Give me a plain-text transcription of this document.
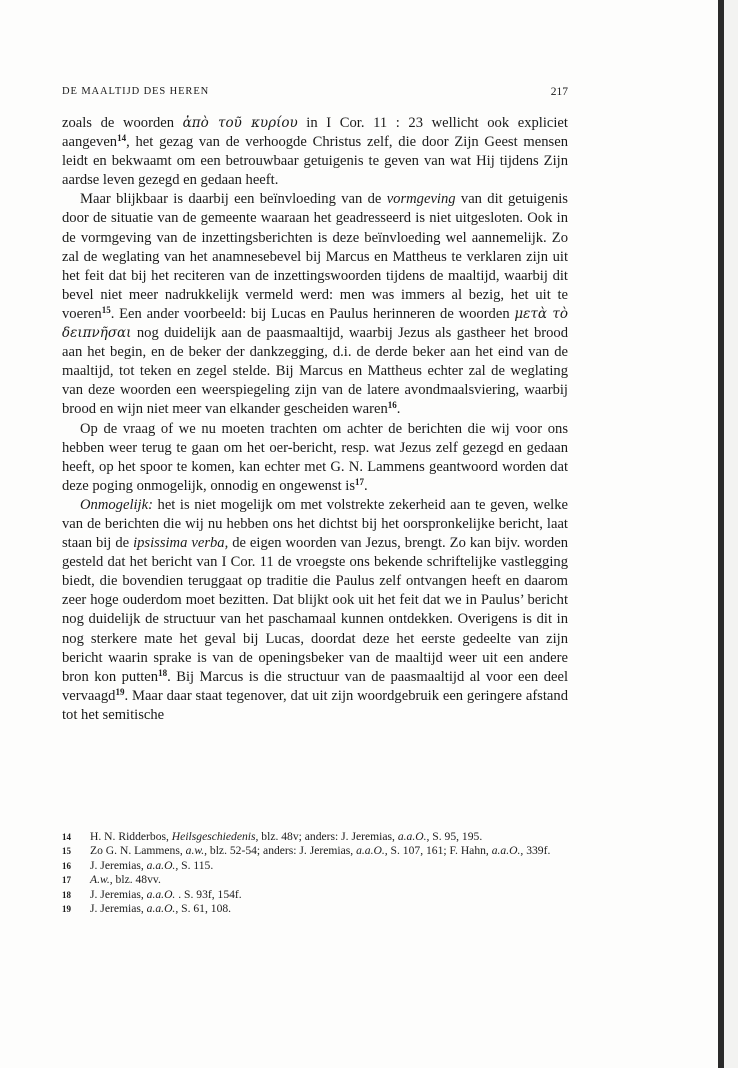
DE MAALTIJD DES HEREN	217

zoals de woorden ἀπὸ τοῦ κυρίου in I Cor. 11 : 23 wellicht ook expliciet aangeven$^{14}$, het gezag van de verhoogde Christus zelf, die door Zijn Geest mensen leidt en bekwaamt om een betrouwbaar getuigenis te geven van wat Hij tijdens Zijn aardse leven gezegd en gedaan heeft.

Maar blijkbaar is daarbij een beïnvloeding van de vormgeving van dit getuigenis door de situatie van de gemeente waaraan het geadresseerd is niet uitgesloten. Ook in de vormgeving van de inzettingsberichten is deze beïnvloeding wel aannemelijk. Zo zal de weglating van het anamnesebevel bij Marcus en Mattheus te verklaren zijn uit het feit dat bij het reciteren van de inzettingswoorden tijdens de maaltijd, waarbij dit bevel niet meer nadrukkelijk vermeld werd: men was immers al bezig, het uit te voeren$^{15}$. Een ander voorbeeld: bij Lucas en Paulus herinneren de woorden μετὰ τὸ δειπνῆσαι nog duidelijk aan de paasmaaltijd, waarbij Jezus als gastheer het brood aan het begin, en de beker der dankzegging, d.i. de derde beker aan het eind van de maaltijd, tot teken en zegel stelde. Bij Marcus en Mattheus echter zal de weglating van deze woorden een weerspiegeling zijn van de latere avondmaalsviering, waarbij brood en wijn niet meer van elkander gescheiden waren$^{16}$.

Op de vraag of we nu moeten trachten om achter de berichten die wij voor ons hebben weer terug te gaan om het oer-bericht, resp. wat Jezus zelf gezegd en gedaan heeft, op het spoor te komen, kan echter met G. N. Lammens geantwoord worden dat deze poging onmogelijk, onnodig en ongewenst $is^{17}$.

Onmogelijk: het is niet mogelijk om met volstrekte zekerheid aan te geven, welke van de berichten die wij nu hebben ons het dichtst bij het oorspronkelijke bericht, laat staan bij de ipsissima verba, de eigen woorden van Jezus, brengt. Zo kan bijv. worden gesteld dat het bericht van I Cor. 11 de vroegste ons bekende schriftelijke vastlegging biedt, die bovendien teruggaat op traditie die Paulus zelf ontvangen heeft en daarom zeer hoge ouderdom moet bezitten. Dat blijkt ook uit het feit dat we in Paulus’ bericht nog duidelijk de structuur van het paschamaal kunnen ontdekken. Overigens is dit in nog sterkere mate het geval bij Lucas, doordat deze het eerste gedeelte van zijn bericht waarin sprake is van de openingsbeker van de maaltijd weer uit een andere bron kon putten$^{18}$. Bij Marcus is die structuur van de paasmaaltijd al voor een deel vervaagd$^{19}$. Maar daar staat tegenover, dat uit zijn woordgebruik een geringere afstand tot het semitische

14 H. N. Ridderbos, Heilsgeschiedenis, blz. 48v; anders: J. Jeremias, a.a.O., S. 95, 195.
15 Zo G. N. Lammens, a.w., blz. 52-54; anders: J. Jeremias, a.a.O., S. 107, 161; F. Hahn, a.a.O., 339f.
16 J. Jeremias, a.a.O., S. 115.
17 A.w., blz. 48vv.
18 J. Jeremias, a.a.O. . S. 93f, 154f.
19 J. Jeremias, a.a.O., S. 61, 108.
